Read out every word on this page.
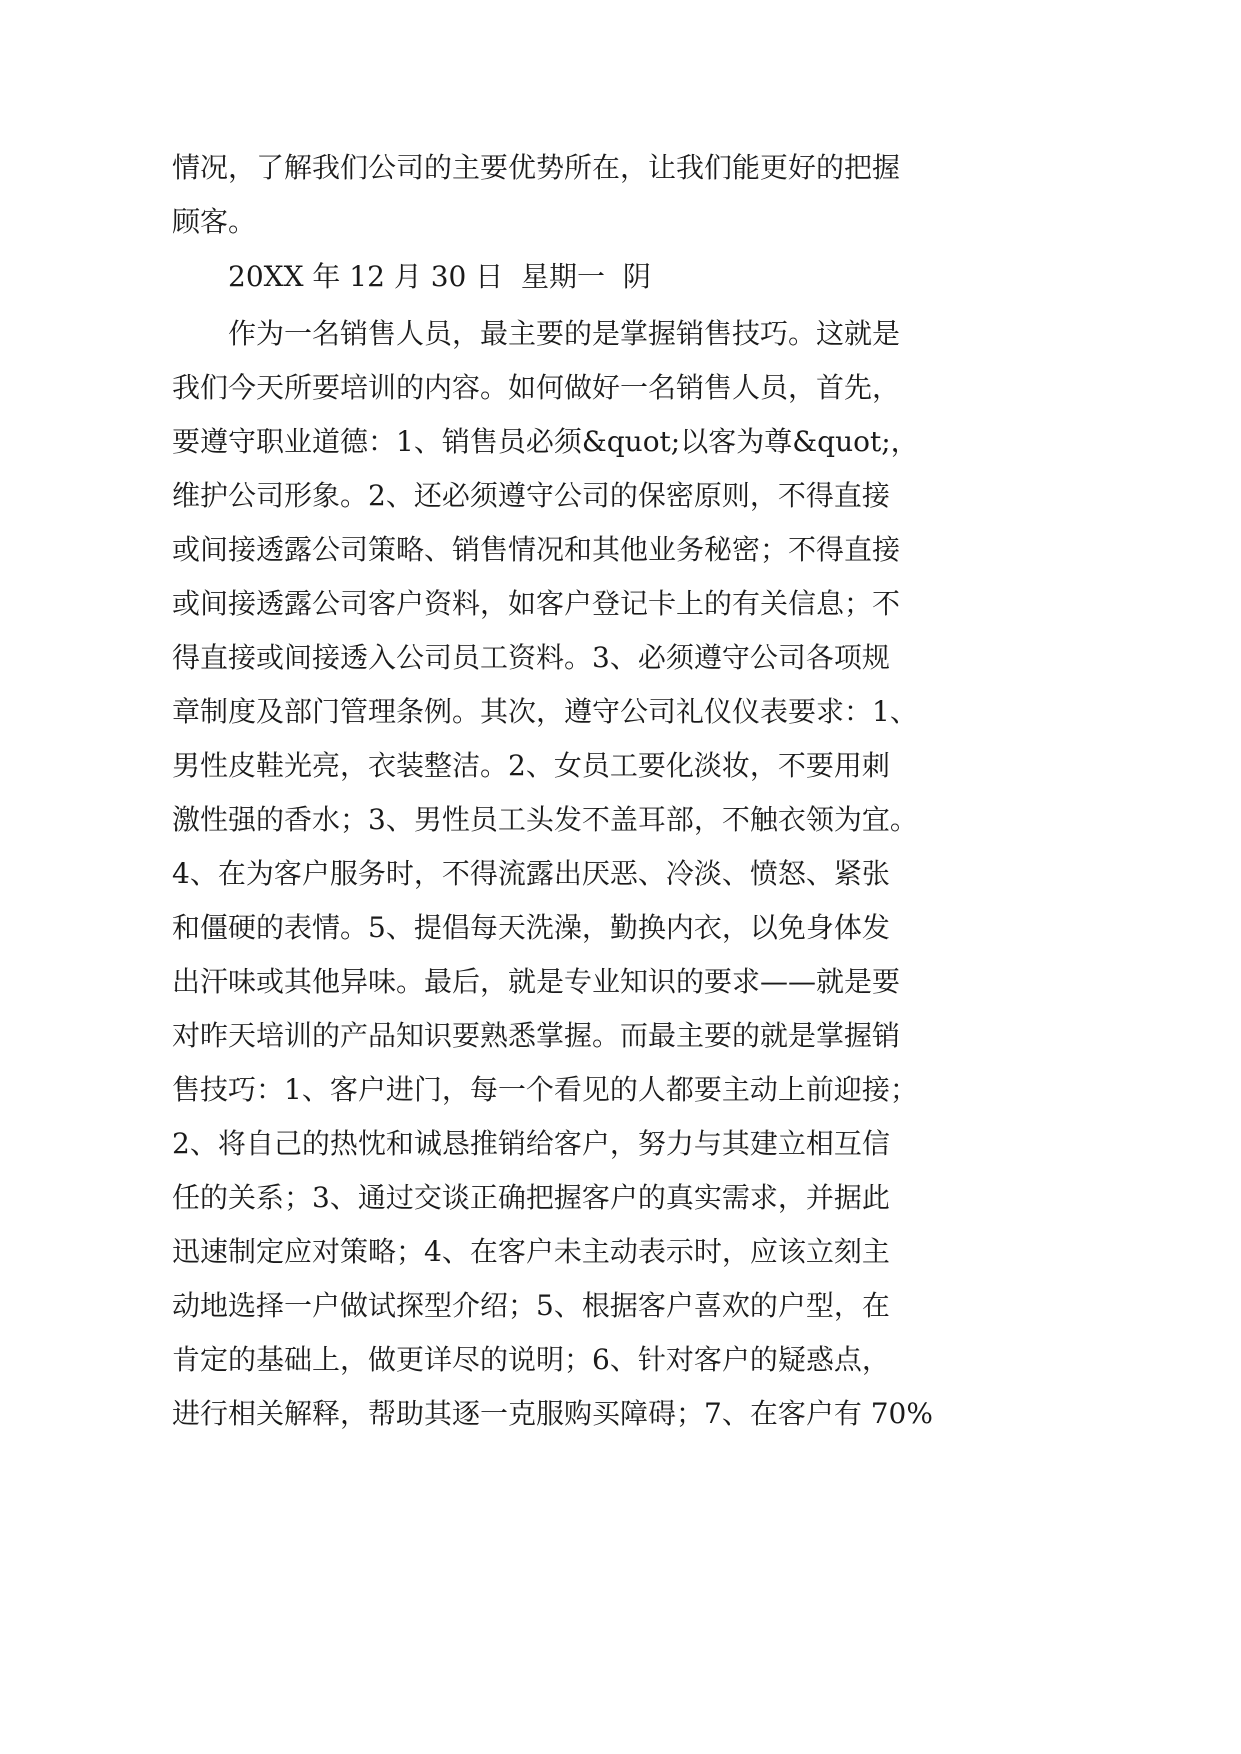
情况，了解我们公司的主要优势所在，让我们能更好的把握
顾客。
20XX 年 12 月 30 日  星期一  阴
作为一名销售人员，最主要的是掌握销售技巧。这就是
我们今天所要培训的内容。如何做好一名销售人员，首先，
要遵守职业道德：1、销售员必须&quot;以客为尊&quot;，
维护公司形象。2、还必须遵守公司的保密原则，不得直接
或间接透露公司策略、销售情况和其他业务秘密；不得直接
或间接透露公司客户资料，如客户登记卡上的有关信息；不
得直接或间接透入公司员工资料。3、必须遵守公司各项规
章制度及部门管理条例。其次，遵守公司礼仪仪表要求：1、
男性皮鞋光亮，衣装整洁。2、女员工要化淡妆，不要用刺
激性强的香水；3、男性员工头发不盖耳部，不触衣领为宜。
4、在为客户服务时，不得流露出厌恶、冷淡、愤怒、紧张
和僵硬的表情。5、提倡每天洗澡，勤换内衣，以免身体发
出汗味或其他异味。最后，就是专业知识的要求——就是要
对昨天培训的产品知识要熟悉掌握。而最主要的就是掌握销
售技巧：1、客户进门，每一个看见的人都要主动上前迎接；
2、将自己的热忱和诚恳推销给客户，努力与其建立相互信
任的关系；3、通过交谈正确把握客户的真实需求，并据此
迅速制定应对策略；4、在客户未主动表示时，应该立刻主
动地选择一户做试探型介绍；5、根据客户喜欢的户型，在
肯定的基础上，做更详尽的说明；6、针对客户的疑惑点，
进行相关解释，帮助其逐一克服购买障碍；7、在客户有 70%
